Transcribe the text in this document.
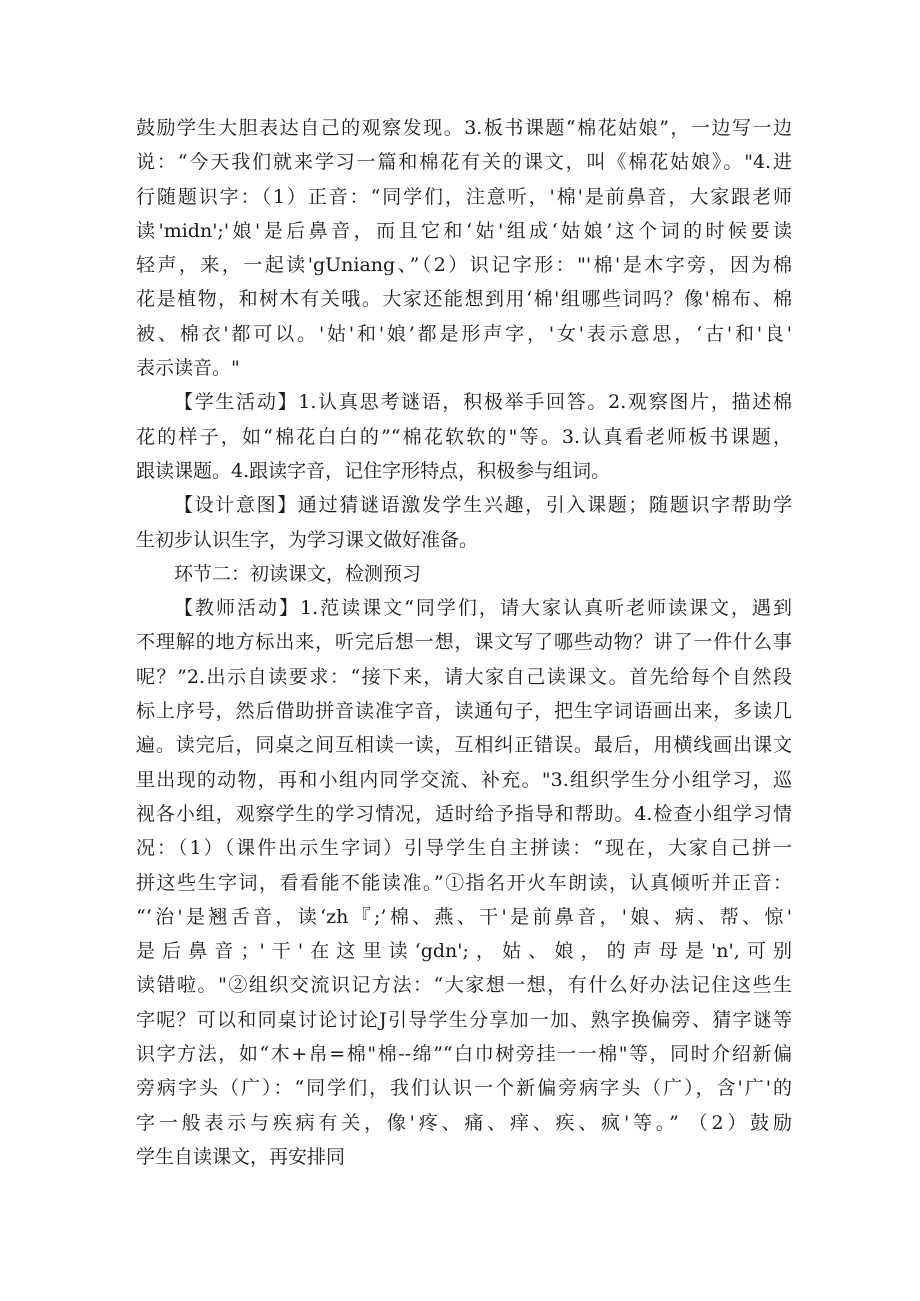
鼓励学生大胆表达自己的观察发现。3.板书课题“棉花姑娘”，一边写一边
说：“今天我们就来学习一篇和棉花有关的课文，叫《棉花姑娘》。"4.进
行随题识字：（1）正音：“同学们，注意听，'棉'是前鼻音，大家跟老师
读'midn';'娘'是后鼻音，而且它和‘姑'组成‘姑娘’这个词的时候要读
轻声，来，一起读'gUniang、”（2）识记字形："'棉'是木字旁，因为棉
花是植物，和树木有关哦。大家还能想到用‘棉'组哪些词吗？像'棉布、棉
被、棉衣'都可以。'姑'和'娘’都是形声字，'女'表示意思，‘古'和'良'
表示读音。"

【学生活动】1.认真思考谜语，积极举手回答。2.观察图片，描述棉
花的样子，如“棉花白白的”“棉花软软的"等。3.认真看老师板书课题，
跟读课题。4.跟读字音，记住字形特点，积极参与组词。

【设计意图】通过猜谜语激发学生兴趣，引入课题；随题识字帮助学
生初步认识生字，为学习课文做好准备。

环节二：初读课文，检测预习

【教师活动】1.范读课文“同学们，请大家认真听老师读课文，遇到
不理解的地方标出来，听完后想一想，课文写了哪些动物？讲了一件什么事
呢？”2.出示自读要求：“接下来，请大家自己读课文。首先给每个自然段
标上序号，然后借助拼音读准字音，读通句子，把生字词语画出来，多读几
遍。读完后，同桌之间互相读一读，互相纠正错误。最后，用横线画出课文
里出现的动物，再和小组内同学交流、补充。"3.组织学生分小组学习，巡
视各小组，观察学生的学习情况，适时给予指导和帮助。4.检查小组学习情
况：（1）（课件出示生字词）引导学生自主拼读：“现在，大家自己拼一
拼这些生字词，看看能不能读准。”①指名开火车朗读，认真倾听并正音：
“‘治'是翘舌音，读‘zh『;’棉、燕、干'是前鼻音，'娘、病、帮、惊'
是后鼻音；'干'在这里读‘gdn';，姑、娘，的声母是'n',可别
读错啦。"②组织交流识记方法：“大家想一想，有什么好办法记住这些生
字呢？可以和同桌讨论讨论J引导学生分享加一加、熟字换偏旁、猜字谜等
识字方法，如“木+帛=棉"棉--绵”“白巾树旁挂一一棉"等，同时介绍新偏
旁病字头（广）：“同学们，我们认识一个新偏旁病字头（广），含'广'的
字一般表示与疾病有关，像'疼、痛、痒、疾、疯'等。” （2）鼓励
学生自读课文，再安排同
